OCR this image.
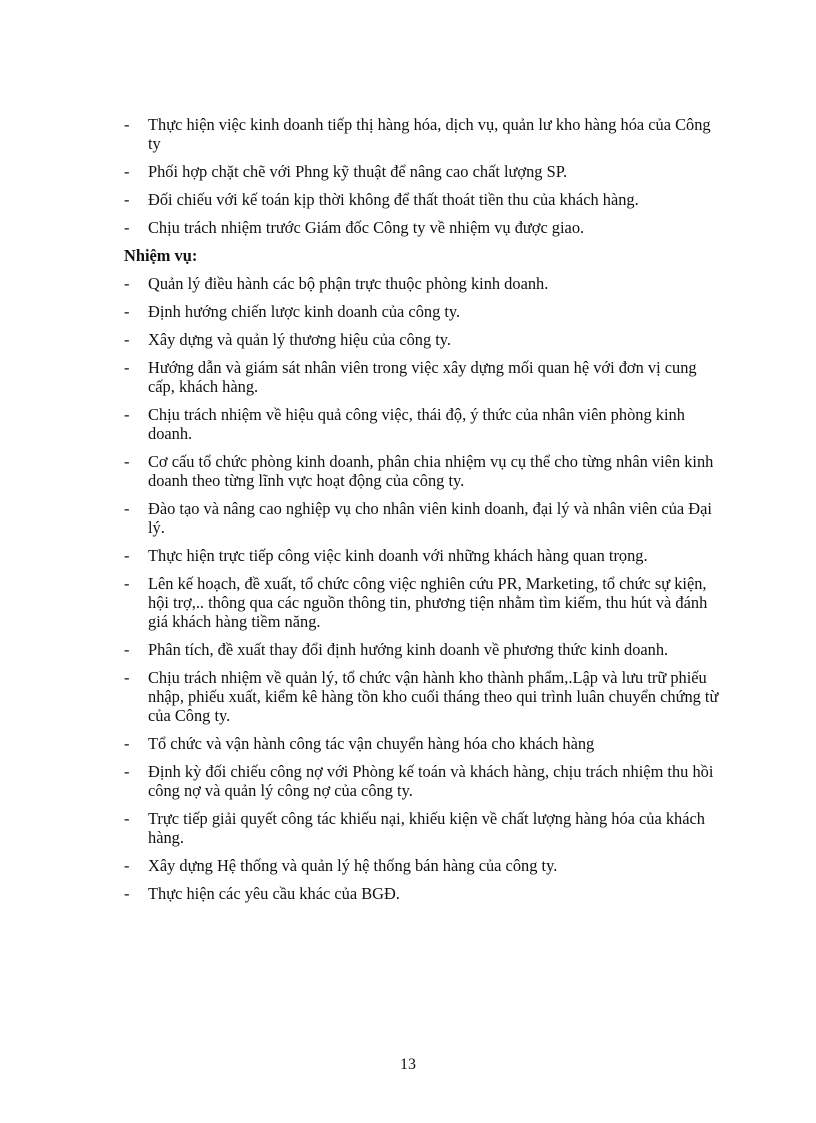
- Thực hiện việc kinh doanh tiếp thị hàng hóa, dịch vụ, quản lư kho hàng hóa của Công ty
- Phối hợp chặt chẽ với Phng kỹ thuật để nâng cao chất lượng SP.
- Đối chiếu với kế toán kịp thời không để thất thoát tiền thu của khách hàng.
- Chịu trách nhiệm trước Giám đốc Công ty về nhiệm vụ được giao.
Nhiệm vụ:
- Quản lý điều hành các bộ phận trực thuộc phòng kinh doanh.
- Định hướng chiến lược kinh doanh của công ty.
- Xây dựng và quản lý thương hiệu của công ty.
- Hướng dẫn và giám sát nhân viên trong việc xây dựng mối quan hệ với đơn vị cung cấp, khách hàng.
- Chịu trách nhiệm về hiệu quả công việc, thái độ, ý thức của nhân viên phòng kinh doanh.
- Cơ cấu tổ chức phòng kinh doanh, phân chia nhiệm vụ cụ thể cho từng nhân viên kinh doanh theo từng lĩnh vực hoạt động của công ty.
- Đào tạo và nâng cao nghiệp vụ cho nhân viên kinh doanh, đại lý và nhân viên của Đại lý.
- Thực hiện trực tiếp công việc kinh doanh với những khách hàng quan trọng.
- Lên kế hoạch, đề xuất, tổ chức công việc nghiên cứu PR, Marketing, tổ chức sự kiện, hội trợ,.. thông qua các nguồn thông tin, phương tiện nhằm tìm kiếm, thu hút và đánh giá khách hàng tiềm năng.
- Phân tích, đề xuất thay đổi định hướng kinh doanh về phương thức kinh doanh.
- Chịu trách nhiệm về quản lý, tổ chức vận hành kho thành phẩm,.Lập và lưu trữ phiếu nhập, phiếu xuất, kiểm kê hàng tồn kho cuối tháng theo qui trình luân chuyển chứng từ của Công ty.
- Tổ chức và vận hành công tác vận chuyển hàng hóa cho khách hàng
- Định kỳ đối chiếu công nợ với Phòng kế toán và khách hàng, chịu trách nhiệm thu hồi công nợ và quản lý công nợ của công ty.
- Trực tiếp giải quyết công tác khiếu nại, khiếu kiện về chất lượng hàng hóa của khách hàng.
- Xây dựng Hệ thống và quản lý hệ thống bán hàng của công ty.
- Thực hiện các yêu cầu khác của BGĐ.
13
